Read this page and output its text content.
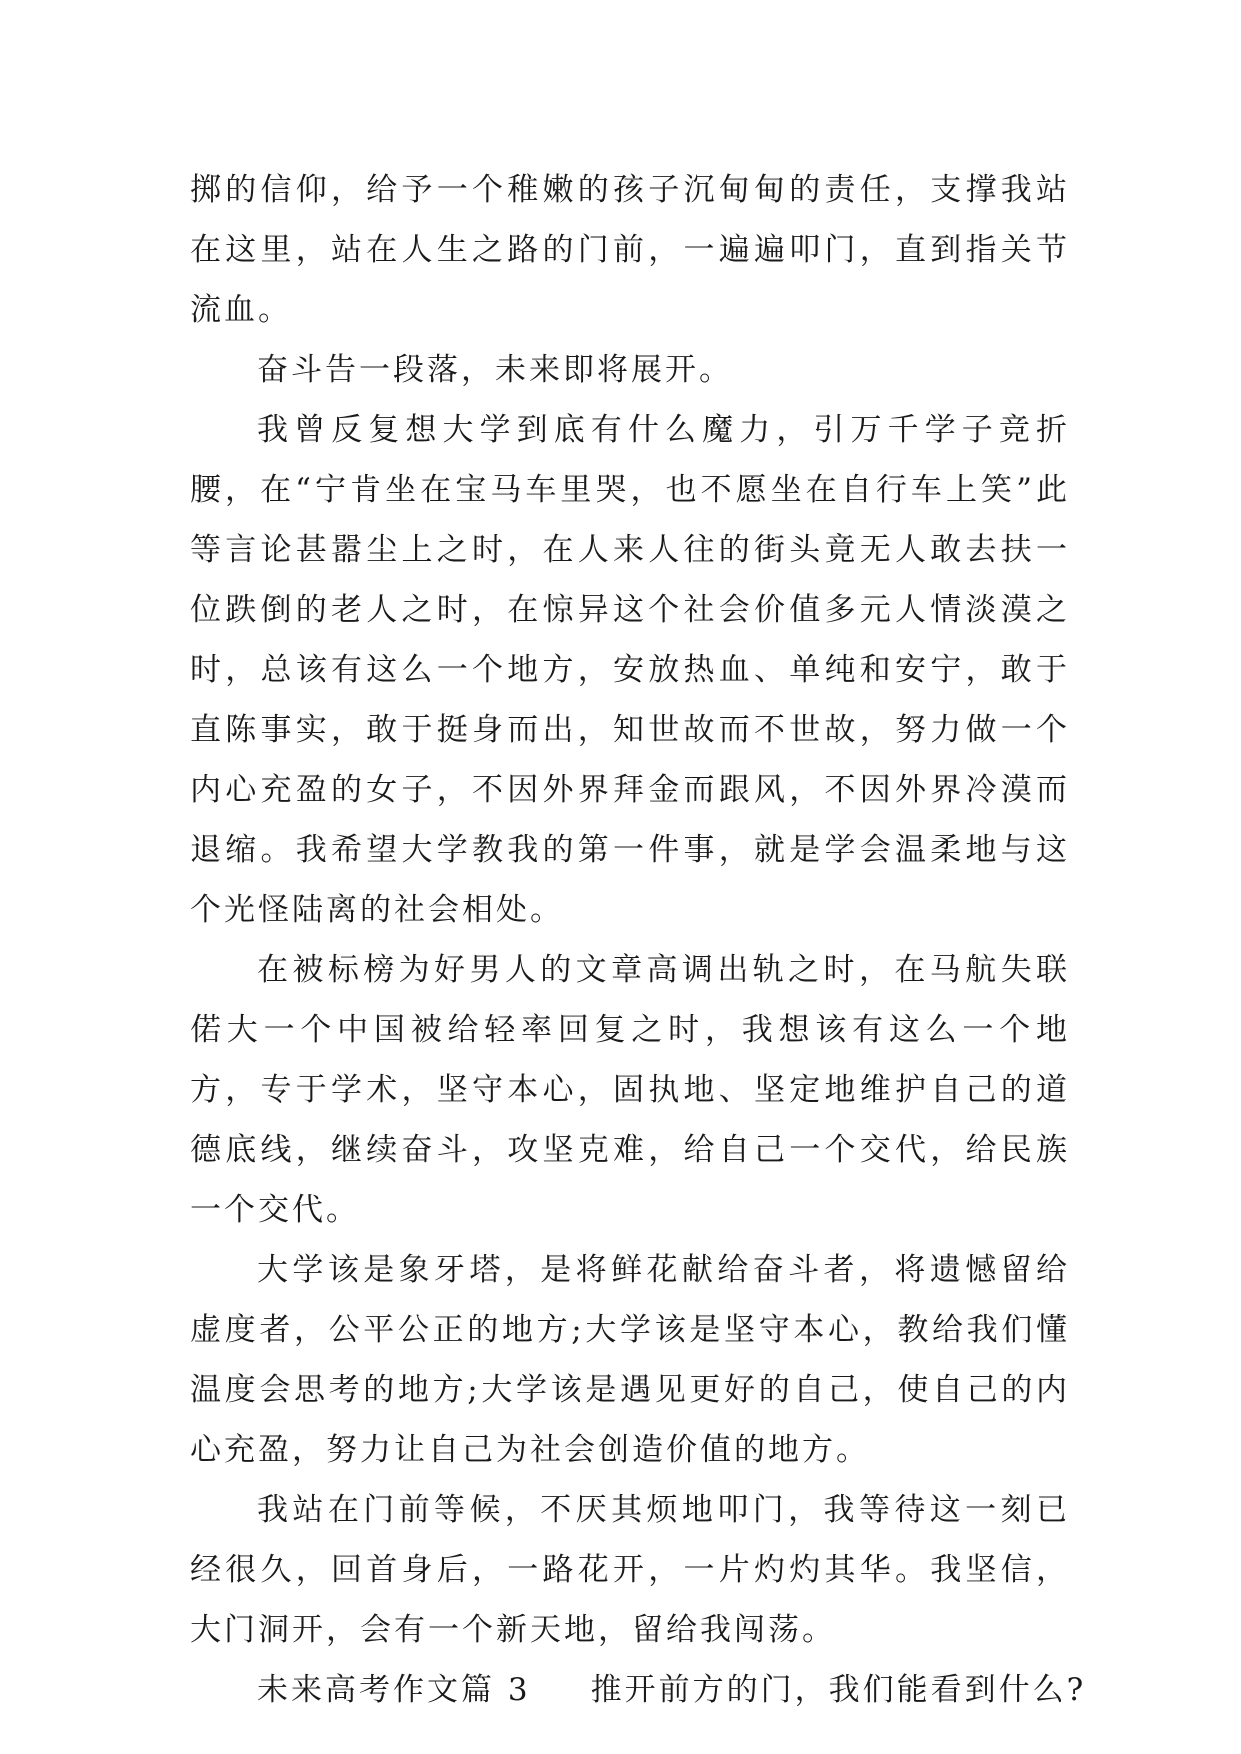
掷的信仰，给予一个稚嫩的孩子沉甸甸的责任，支撑我站在这里，站在人生之路的门前，一遍遍叩门，直到指关节流血。

奋斗告一段落，未来即将展开。

我曾反复想大学到底有什么魔力，引万千学子竞折腰，在“宁肯坐在宝马车里哭，也不愿坐在自行车上笑”此等言论甚嚣尘上之时，在人来人往的街头竟无人敢去扶一位跌倒的老人之时，在惊异这个社会价值多元人情淡漠之时，总该有这么一个地方，安放热血、单纯和安宁，敢于直陈事实，敢于挺身而出，知世故而不世故，努力做一个内心充盈的女子，不因外界拜金而跟风，不因外界冷漠而退缩。我希望大学教我的第一件事，就是学会温柔地与这个光怪陆离的社会相处。

在被标榜为好男人的文章高调出轨之时，在马航失联偌大一个中国被给轻率回复之时，我想该有这么一个地方，专于学术，坚守本心，固执地、坚定地维护自己的道德底线，继续奋斗，攻坚克难，给自己一个交代，给民族一个交代。

大学该是象牙塔，是将鲜花献给奋斗者，将遗憾留给虚度者，公平公正的地方;大学该是坚守本心，教给我们懂温度会思考的地方;大学该是遇见更好的自己，使自己的内心充盈，努力让自己为社会创造价值的地方。

我站在门前等候，不厌其烦地叩门，我等待这一刻已经很久，回首身后，一路花开，一片灼灼其华。我坚信，大门洞开，会有一个新天地，留给我闯荡。

未来高考作文篇 3 推开前方的门，我们能看到什么?
